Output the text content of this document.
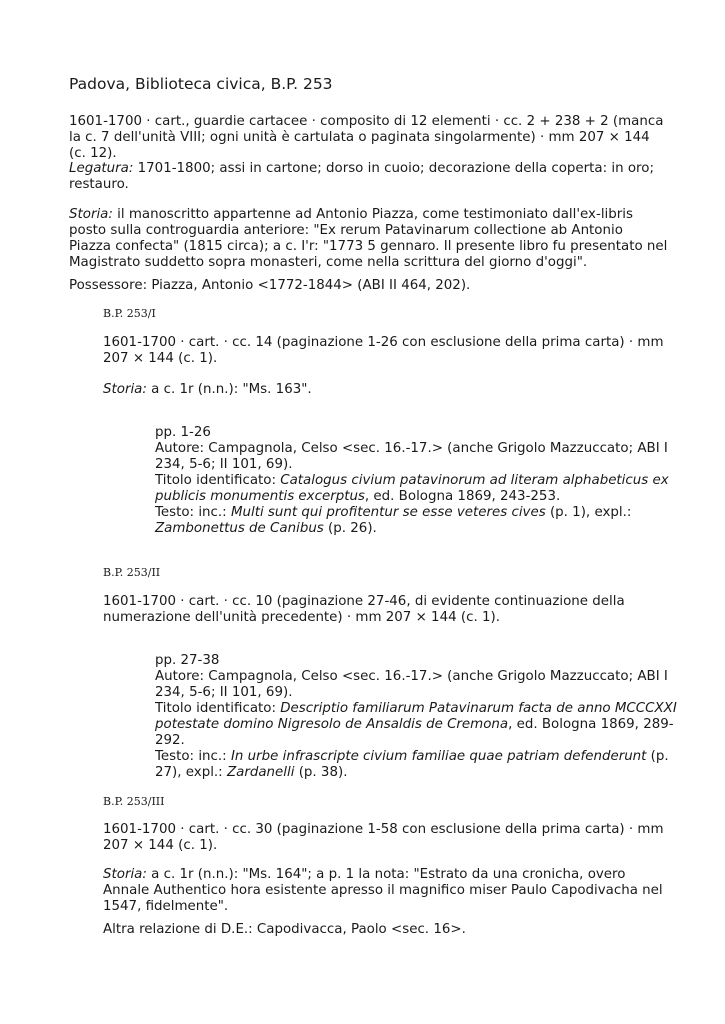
Padova, Biblioteca civica, B.P. 253

1601-1700 · cart., guardie cartacee · composito di 12 elementi · cc. 2 + 238 + 2 (manca la c. 7 dell'unità VIII; ogni unità è cartulata o paginata singolarmente) · mm 207 × 144 (c. 12).

Legatura: 1701-1800; assi in cartone; dorso in cuoio; decorazione della coperta: in oro; restauro.

Storia: il manoscritto appartenne ad Antonio Piazza, come testimoniato dall'ex-libris posto sulla controguardia anteriore: "Ex rerum Patavinarum collectione ab Antonio Piazza confecta" (1815 circa); a c. I'r: "1773 5 gennaro. Il presente libro fu presentato nel Magistrato suddetto sopra monasteri, come nella scrittura del giorno d'oggi".

Possessore: Piazza, Antonio <1772-1844> (ABI II 464, 202).

B.P. 253/I

1601-1700 · cart. · cc. 14 (paginazione 1-26 con esclusione della prima carta) · mm 207 × 144 (c. 1).

Storia: a c. 1r (n.n.): "Ms. 163".

pp. 1-26
Autore: Campagnola, Celso <sec. 16.-17.> (anche Grigolo Mazzuccato; ABI I 234, 5-6; II 101, 69).
Titolo identificato: Catalogus civium patavinorum ad literam alphabeticus ex publicis monumentis excerptus, ed. Bologna 1869, 243-253.
Testo: inc.: Multi sunt qui profitentur se esse veteres cives (p. 1), expl.: Zambonettus de Canibus (p. 26).
B.P. 253/II

1601-1700 · cart. · cc. 10 (paginazione 27-46, di evidente continuazione della numerazione dell'unità precedente) · mm 207 × 144 (c. 1).

pp. 27-38
Autore: Campagnola, Celso <sec. 16.-17.> (anche Grigolo Mazzuccato; ABI I 234, 5-6; II 101, 69).
Titolo identificato: Descriptio familiarum Patavinarum facta de anno MCCCXXI potestate domino Nigresolo de Ansaldis de Cremona, ed. Bologna 1869, 289-292.
Testo: inc.: In urbe infrascripte civium familiae quae patriam defenderunt (p. 27), expl.: Zardanelli (p. 38).
B.P. 253/III

1601-1700 · cart. · cc. 30 (paginazione 1-58 con esclusione della prima carta) · mm 207 × 144 (c. 1).

Storia: a c. 1r (n.n.): "Ms. 164"; a p. 1 la nota: "Estrato da una cronicha, overo Annale Authentico hora esistente apresso il magnifico miser Paulo Capodivacha nel 1547, fidelmente".

Altra relazione di D.E.: Capodivacca, Paolo <sec. 16>.
